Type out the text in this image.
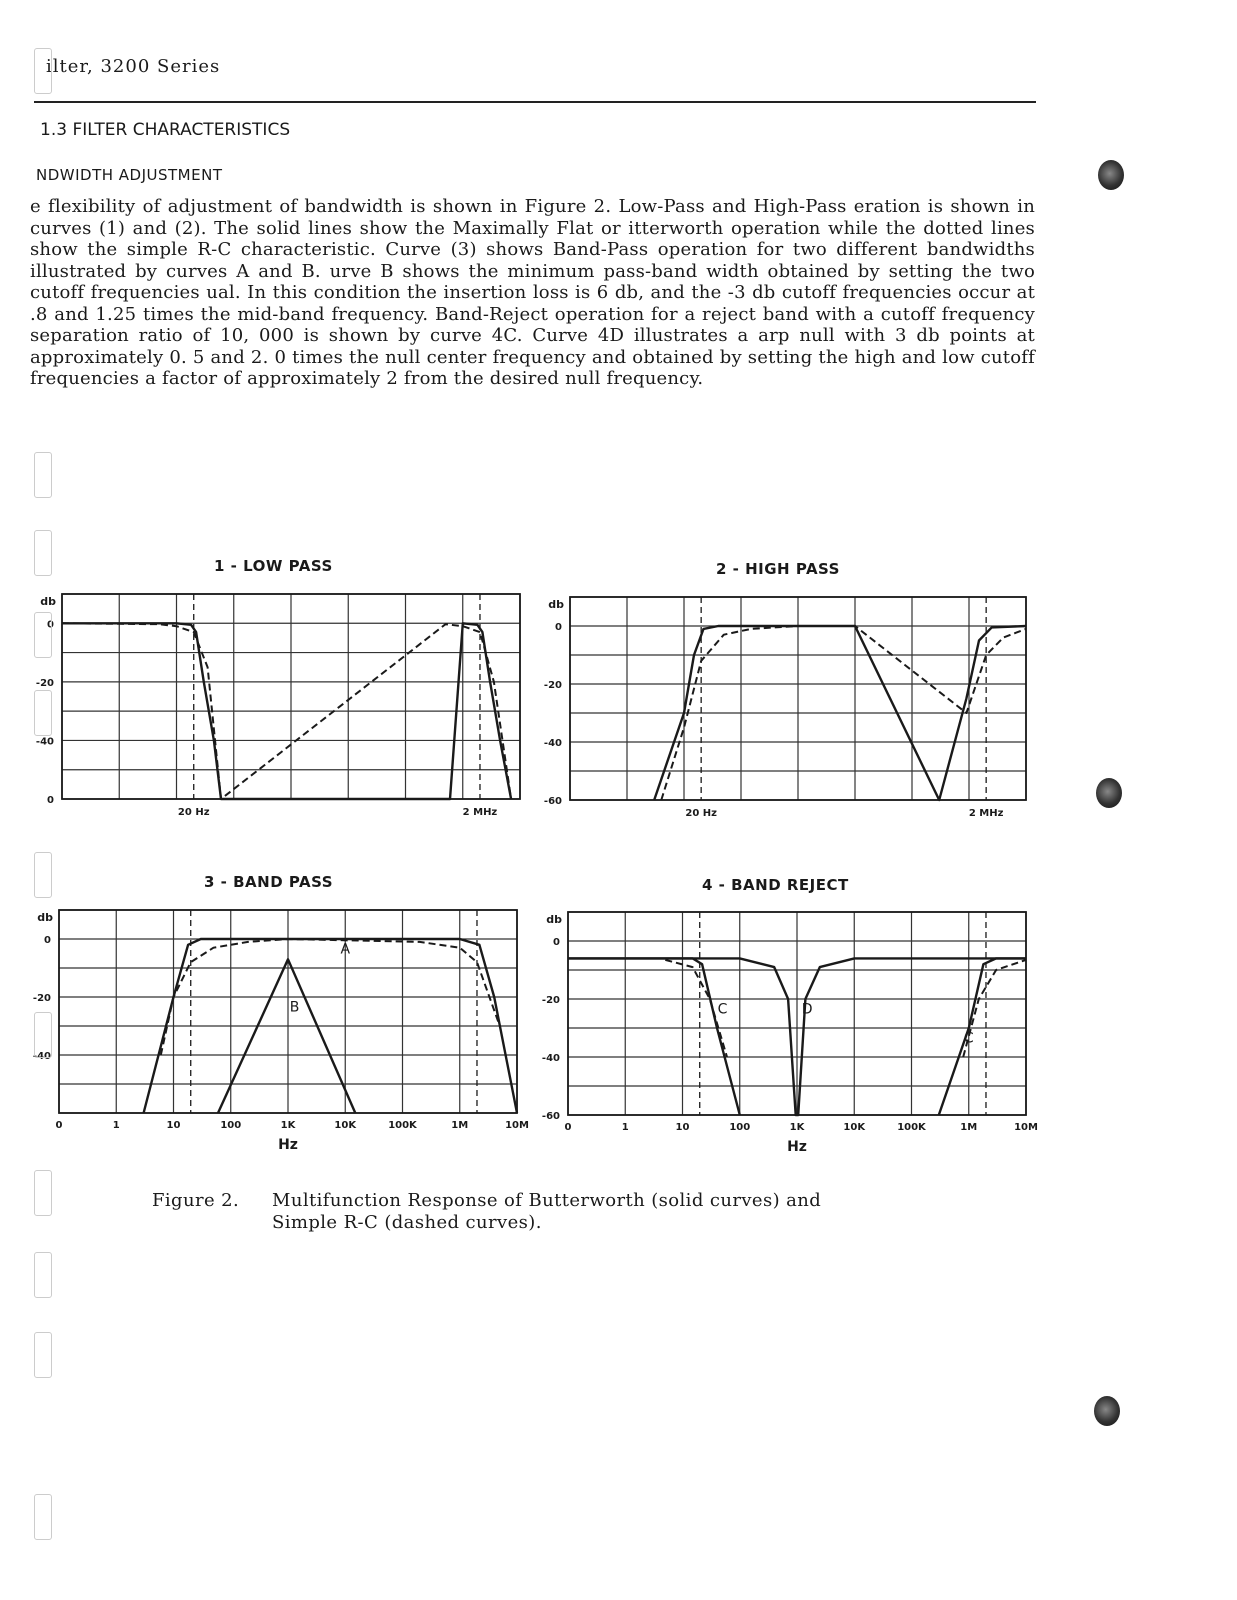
ilter, 3200 Series
1.3 FILTER CHARACTERISTICS
NDWIDTH ADJUSTMENT
e flexibility of adjustment of bandwidth is shown in Figure 2. Low-Pass and High-Pass eration is shown in curves (1) and (2). The solid lines show the Maximally Flat or itterworth operation while the dotted lines show the simple R-C characteristic. Curve (3) shows Band-Pass operation for two different bandwidths illustrated by curves A and B. urve B shows the minimum pass-band width obtained by setting the two cutoff frequencies ual. In this condition the insertion loss is 6 db, and the -3 db cutoff frequencies occur at .8 and 1.25 times the mid-band frequency. Band-Reject operation for a reject band with a cutoff frequency separation ratio of 10, 000 is shown by curve 4C. Curve 4D illustrates a arp null with 3 db points at approximately 0. 5 and 2. 0 times the null center frequency and obtained by setting the high and low cutoff frequencies a factor of approximately 2 from the desired null frequency.
1 - LOW PASS
db
0
-20
-40
0
20 Hz	2 MHz
2 - HIGH PASS
db
0
-20
-40
-60
20 Hz	2 MHz
3 - BAND PASS
db
0
-20
-40
0	1	10	100	1K	10K	100K	1M	10M
Hz
A
B
4 - BAND REJECT
db
0
-20
-40
-60
0	1	10	100	1K	10K	100K	1M	10M
Hz
C	D
C
Figure 2. Multifunction Response of Butterworth (solid curves) and
Simple R-C (dashed curves).
